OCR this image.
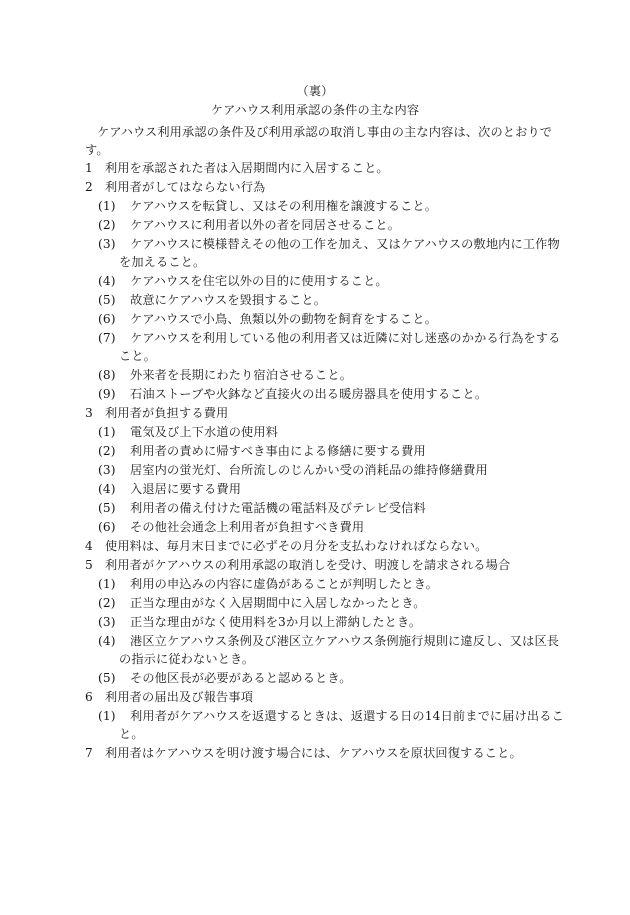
（裏）
ケアハウス利用承認の条件の主な内容
ケアハウス利用承認の条件及び利用承認の取消し事由の主な内容は、次のとおりで
す。
1 利用を承認された者は入居期間内に入居すること。
2 利用者がしてはならない行為
(1) ケアハウスを転貸し、又はその利用権を譲渡すること。
(2) ケアハウスに利用者以外の者を同居させること。
(3) ケアハウスに模様替えその他の工作を加え、又はケアハウスの敷地内に工作物
を加えること。
(4) ケアハウスを住宅以外の目的に使用すること。
(5) 故意にケアハウスを毀損すること。
(6) ケアハウスで小鳥、魚類以外の動物を飼育をすること。
(7) ケアハウスを利用している他の利用者又は近隣に対し迷惑のかかる行為をする
こと。
(8) 外来者を長期にわたり宿泊させること。
(9) 石油ストーブや火鉢など直接火の出る暖房器具を使用すること。
3 利用者が負担する費用
(1) 電気及び上下水道の使用料
(2) 利用者の責めに帰すべき事由による修繕に要する費用
(3) 居室内の蛍光灯、台所流しのじんかい受の消耗品の維持修繕費用
(4) 入退居に要する費用
(5) 利用者の備え付けた電話機の電話料及びテレビ受信料
(6) その他社会通念上利用者が負担すべき費用
4 使用料は、毎月末日までに必ずその月分を支払わなければならない。
5 利用者がケアハウスの利用承認の取消しを受け、明渡しを請求される場合
(1) 利用の申込みの内容に虚偽があることが判明したとき。
(2) 正当な理由がなく入居期間中に入居しなかったとき。
(3) 正当な理由がなく使用料を3か月以上滞納したとき。
(4) 港区立ケアハウス条例及び港区立ケアハウス条例施行規則に違反し、又は区長
の指示に従わないとき。
(5) その他区長が必要があると認めるとき。
6 利用者の届出及び報告事項
(1) 利用者がケアハウスを返還するときは、返還する日の14日前までに届け出るこ
と。
7 利用者はケアハウスを明け渡す場合には、ケアハウスを原状回復すること。
